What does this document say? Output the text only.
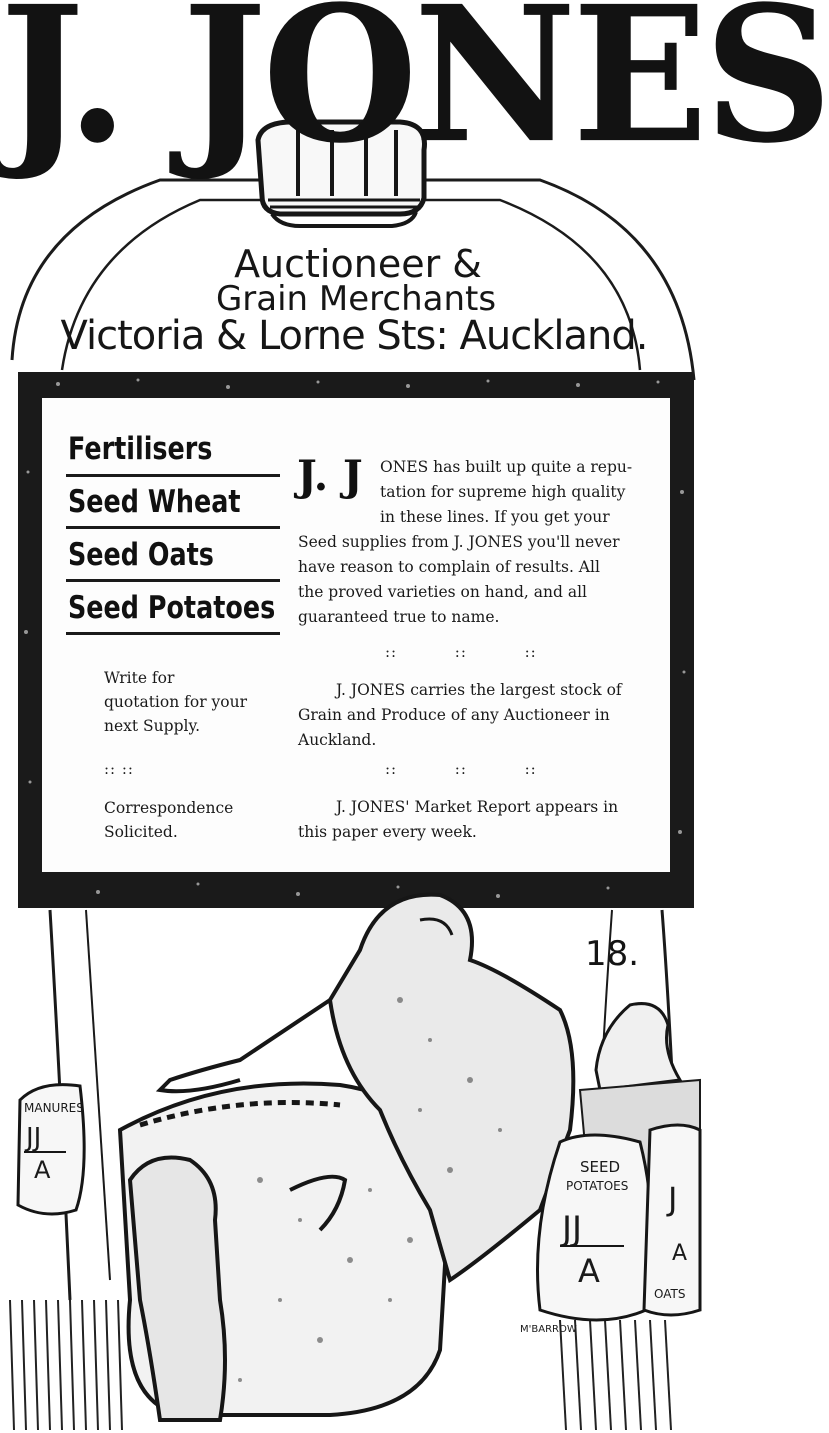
J. JONES
Auctioneer &
Grain Merchants
Victoria & Lorne Sts: Auckland.
Fertilisers
Seed Wheat
Seed Oats
Seed Potatoes
Write for
quotation for your
next Supply.
:: ::
Correspondence
Solicited.
J. J ONES has built up quite a repu-
tation for supreme high quality
in these lines. If you get your
Seed supplies from J. JONES you'll never
have reason to complain of results. All
the proved varieties on hand, and all
guaranteed true to name.
::          ::          ::
J. JONES carries the largest stock of
Grain and Produce of any Auctioneer in
Auckland.
::          ::          ::
J. JONES' Market Report appears in
this paper every week.
MANURES
JJ
A	SEED
POTATOES
JJ
A
J
A
OATS
M'BARROW
18.
